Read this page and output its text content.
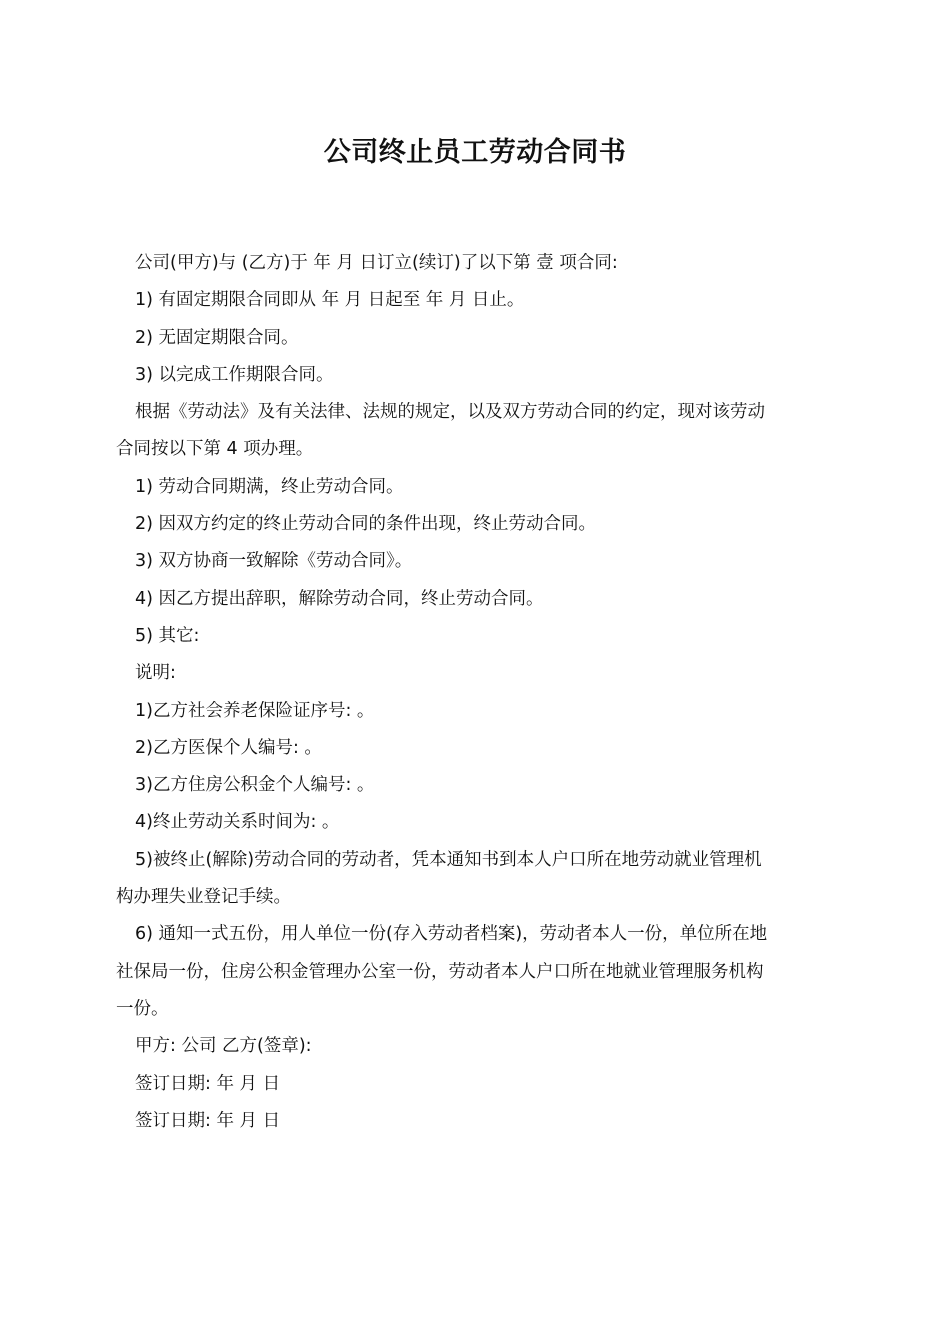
公司终止员工劳动合同书
公司(甲方)与 (乙方)于 年 月 日订立(续订)了以下第 壹 项合同:
1) 有固定期限合同即从 年 月 日起至 年 月 日止。
2) 无固定期限合同。
3) 以完成工作期限合同。
根据《劳动法》及有关法律、法规的规定，以及双方劳动合同的约定，现对该劳动
合同按以下第 4 项办理。
1) 劳动合同期满，终止劳动合同。
2) 因双方约定的终止劳动合同的条件出现，终止劳动合同。
3) 双方协商一致解除《劳动合同》。
4) 因乙方提出辞职，解除劳动合同，终止劳动合同。
5) 其它:
说明:
1)乙方社会养老保险证序号: 。
2)乙方医保个人编号: 。
3)乙方住房公积金个人编号: 。
4)终止劳动关系时间为: 。
5)被终止(解除)劳动合同的劳动者，凭本通知书到本人户口所在地劳动就业管理机
构办理失业登记手续。
6) 通知一式五份，用人单位一份(存入劳动者档案)，劳动者本人一份，单位所在地
社保局一份，住房公积金管理办公室一份，劳动者本人户口所在地就业管理服务机构
一份。
甲方: 公司 乙方(签章):
签订日期: 年 月 日
签订日期: 年 月 日
